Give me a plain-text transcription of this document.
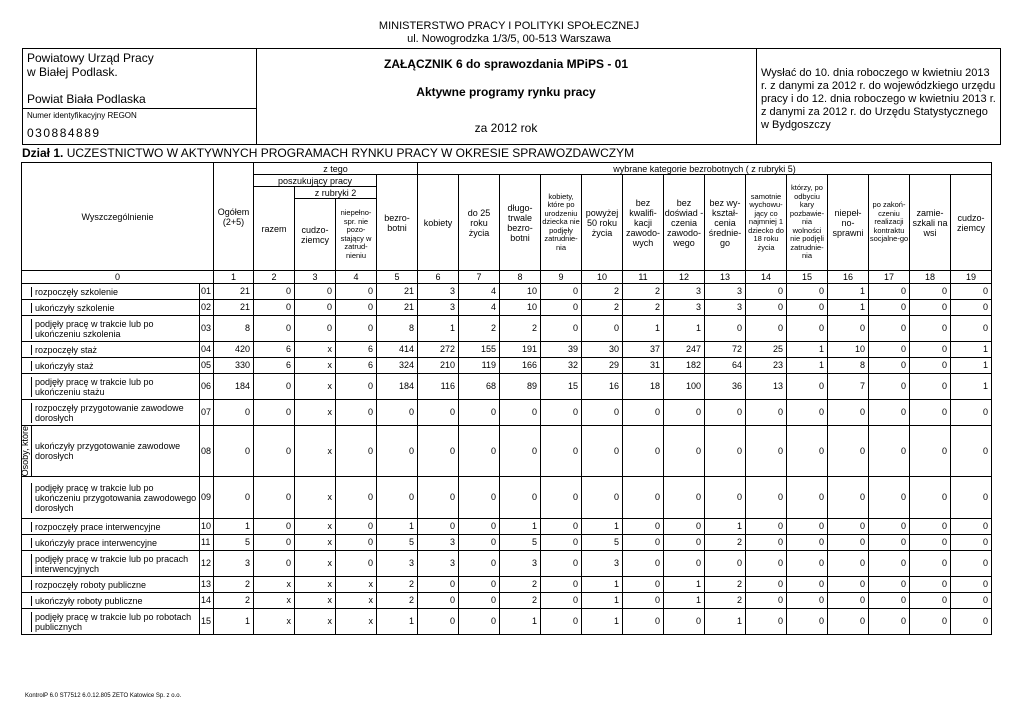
MINISTERSTWO PRACY I POLITYKI SPOŁECZNEJ
ul. Nowogrodzka 1/3/5, 00-513 Warszawa
Powiatowy Urząd Pracy
w Białej Podlask.
Powiat Biała Podlaska
Numer identyfikacyjny REGON
030884889
ZAŁĄCZNIK 6 do sprawozdania MPiPS - 01
Aktywne programy rynku pracy
za 2012 rok
Wysłać do 10. dnia roboczego w kwietniu 2013 r. z danymi za 2012 r. do wojewódzkiego urzędu pracy i do 12. dnia roboczego w kwietniu 2013 r. z danymi za 2012 r. do Urzędu Statystycznego w Bydgoszczy
Dział 1. UCZESTNICTWO W AKTYWNYCH PROGRAMACH RYNKU PRACY W OKRESIE SPRAWOZDAWCZYM
Wyszczególnienie		Ogółem (2+5)	z tego				wybrane kategorie bezrobotnych ( z rubryki 5)													
			poszukujący pracy			bezro-botni	kobiety	do 25 roku życia	długo-trwale bezro-botni	kobiety, które po urodzeniu dziecka nie podjęły zatrudnie-nia	powyżej 50 roku życia	bez kwalifi-kacji zawodo-wych	bez doświad -czenia zawodo-wego	bez wy-kształ-cenia średnie-go	samotnie wychowu-jący co najmniej 1 dziecko do 18 roku życia	którzy, po odbyciu kary pozbawie-nia wolności nie podjęli zatrudnie-nia	niepeł-no-sprawni	po zakoń-czeniu realizacji kontraktu socjalne-go	zamie-szkali na wsi	cudzo-ziemcy
			razem	z rubryki 2																
				cudzo-ziemcy	niepełno-spr. nie pozo-stający w zatrud-nieniu															
0		1	2	3	4	5	6	7	8	9	10	11	12	13	14	15	16	17	18	19

rozpoczęły szkolenie	01	21	0	0	0	21	3	4	10	0	2	2	3	3	0	0	1	0	0	0

ukończyły szkolenie	02	21	0	0	0	21	3	4	10	0	2	2	3	3	0	0	1	0	0	0

podjęły pracę w trakcie lub po ukończeniu szkolenia	03	8	0	0	0	8	1	2	2	0	0	1	1	0	0	0	0	0	0	0

rozpoczęły staż	04	420	6	x	6	414	272	155	191	39	30	37	247	72	25	1	10	0	0	1

ukończyły staż	05	330	6	x	6	324	210	119	166	32	29	31	182	64	23	1	8	0	0	1

podjęły pracę w trakcie lub po ukończeniu stażu	06	184	0	x	0	184	116	68	89	15	16	18	100	36	13	0	7	0	0	1

rozpoczęły przygotowanie zawodowe dorosłych	07	0	0	x	0	0	0	0	0	0	0	0	0	0	0	0	0	0	0	0

Osoby, które ukończyły przygotowanie zawodowe dorosłych	08	0	0	x	0	0	0	0	0	0	0	0	0	0	0	0	0	0	0	0

podjęły pracę w trakcie lub po ukończeniu przygotowania zawodowego dorosłych	09	0	0	x	0	0	0	0	0	0	0	0	0	0	0	0	0	0	0	0

rozpoczęły prace interwencyjne	10	1	0	x	0	1	0	0	1	0	1	0	0	1	0	0	0	0	0	0

ukończyły prace interwencyjne	11	5	0	x	0	5	3	0	5	0	5	0	0	2	0	0	0	0	0	0

podjęły pracę w trakcie lub po pracach interwencyjnych	12	3	0	x	0	3	3	0	3	0	3	0	0	0	0	0	0	0	0	0

rozpoczęły roboty publiczne	13	2	x	x	x	2	0	0	2	0	1	0	1	2	0	0	0	0	0	0

ukończyły roboty publiczne	14	2	x	x	x	2	0	0	2	0	1	0	1	2	0	0	0	0	0	0

podjęły pracę w trakcie lub po robotach publicznych	15	1	x	x	x	1	0	0	1	0	1	0	0	1	0	0	0	0	0	0
KontrolP 6.0 ST7512 6.0.12.805 ZETO Katowice Sp. z o.o.
